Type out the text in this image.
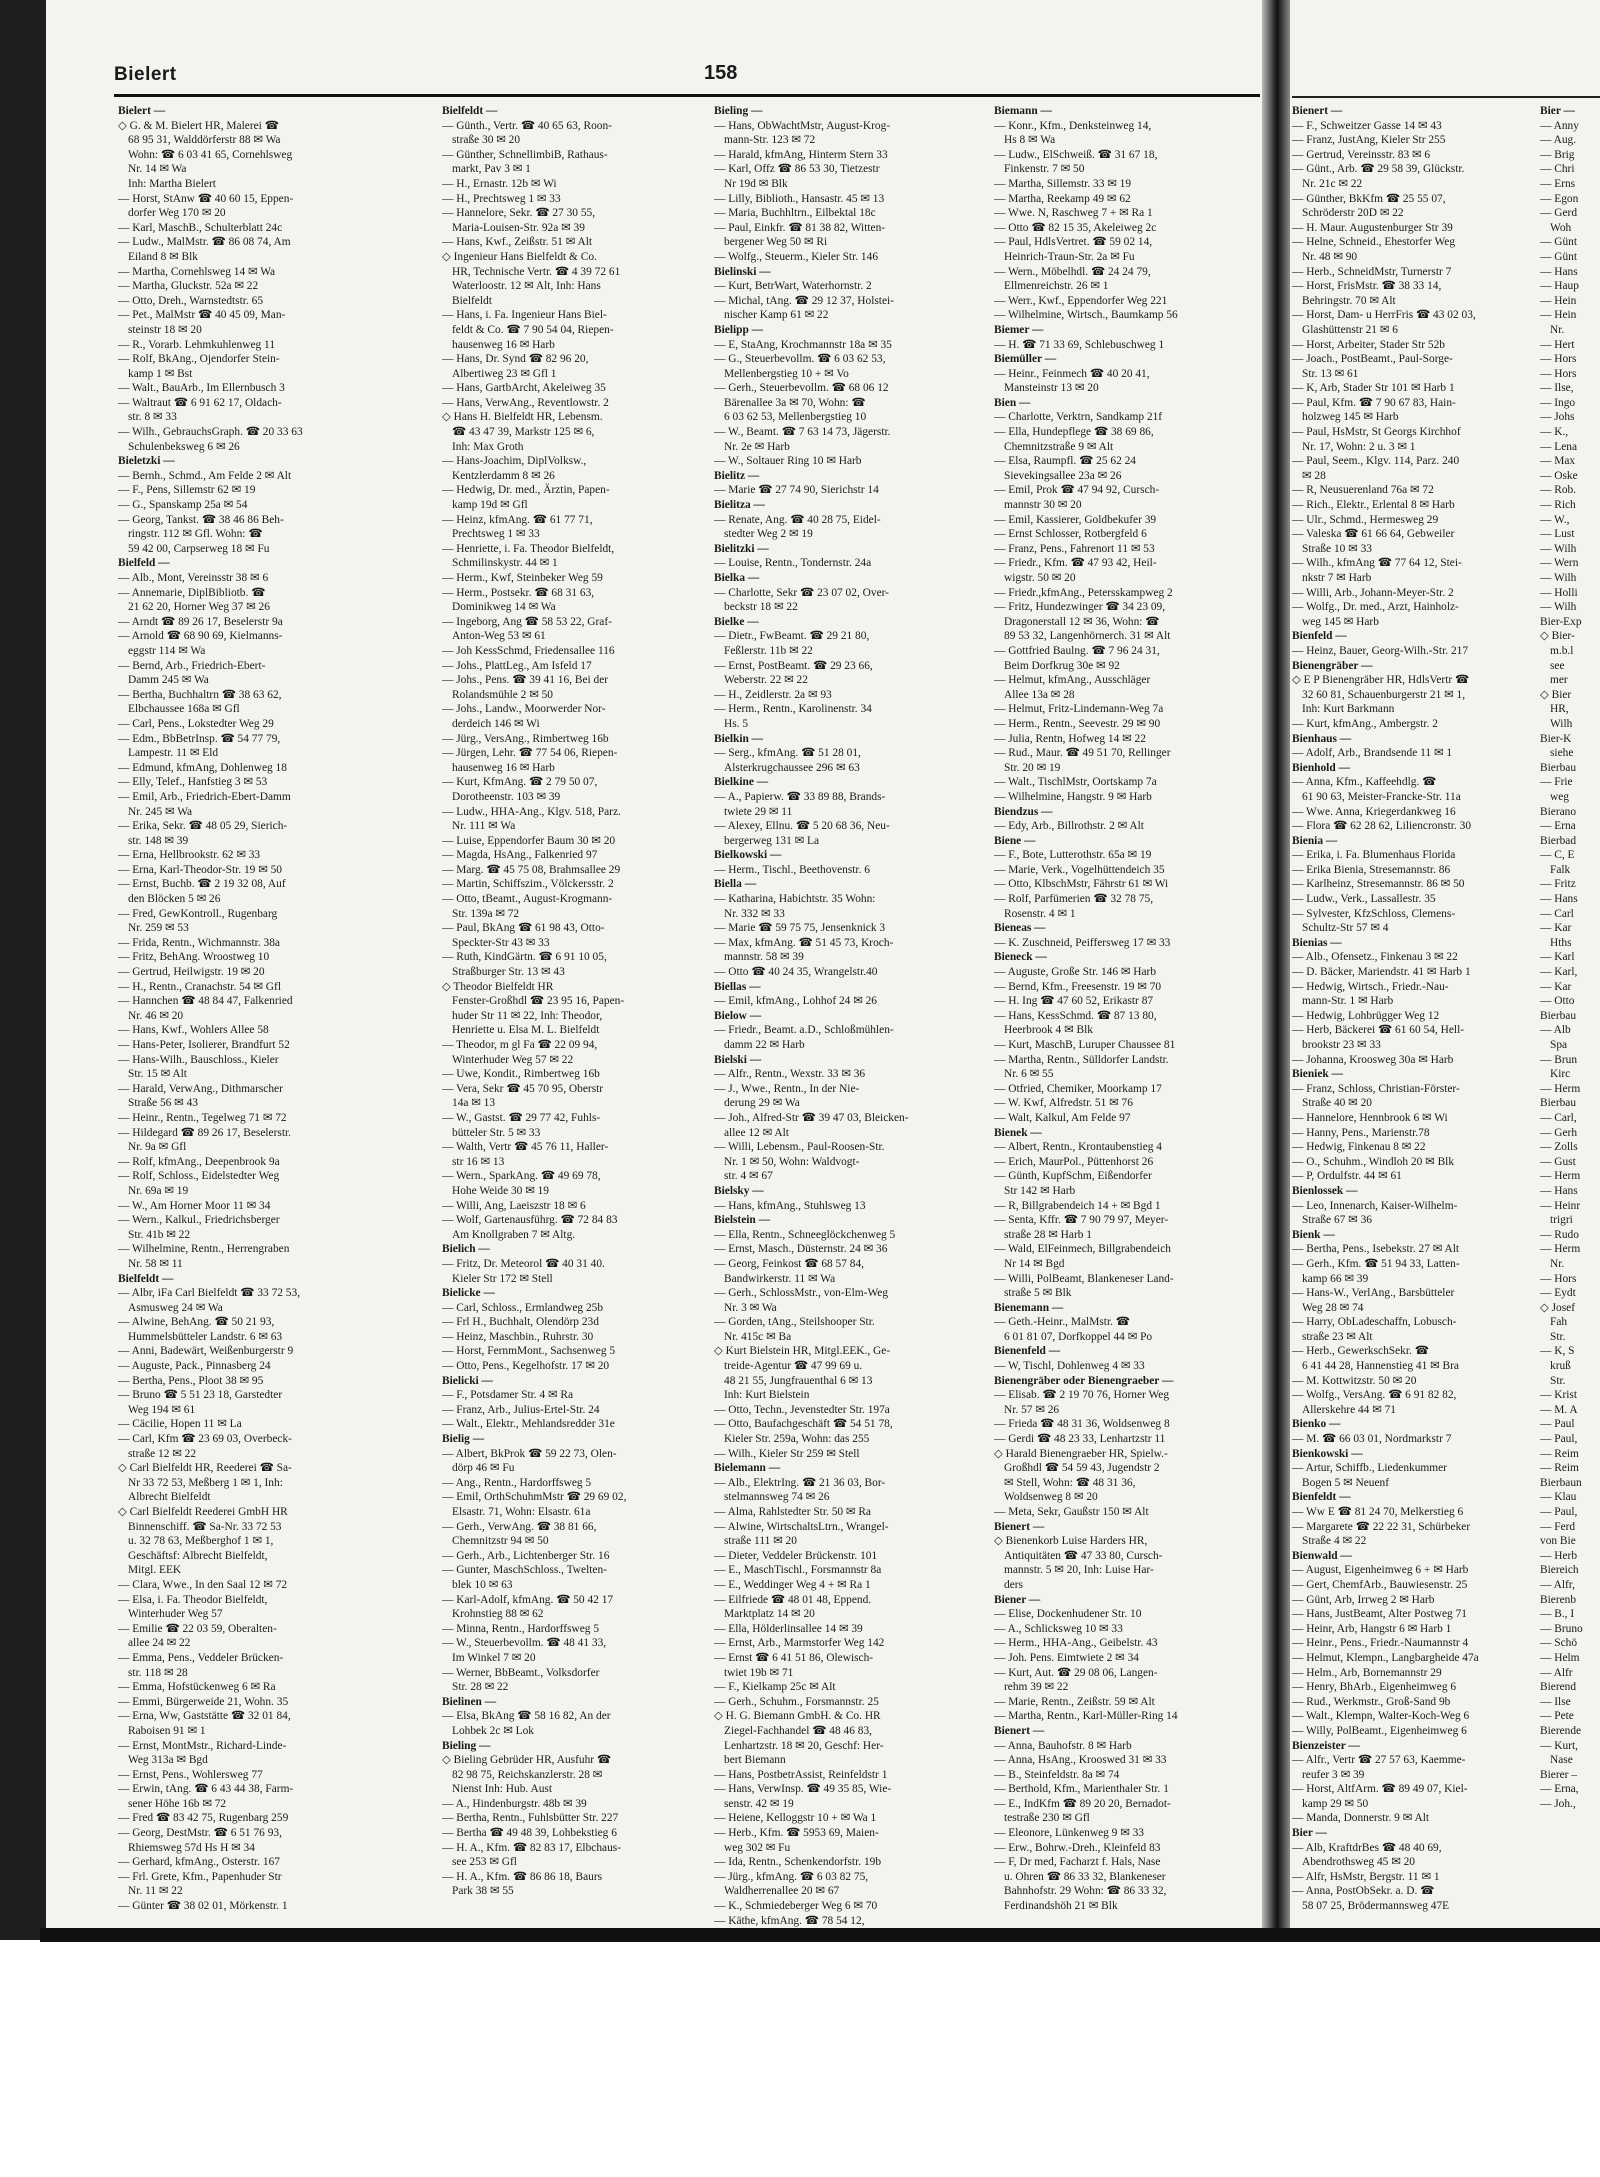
Bielert	158
Bielert —
◇ G. & M. Bielert HR, Malerei ☎
68 95 31, Walddörferstr 88 ✉ Wa
Wohn: ☎ 6 03 41 65, Cornehlsweg
Nr. 14 ✉ Wa
Inh: Martha Bielert
— Horst, StAnw ☎ 40 60 15, Eppen-
dorfer Weg 170 ✉ 20
— Karl, MaschB., Schulterblatt 24c
— Ludw., MalMstr. ☎ 86 08 74, Am
Eiland 8 ✉ Blk
— Martha, Cornehlsweg 14 ✉ Wa
— Martha, Gluckstr. 52a ✉ 22
— Otto, Dreh., Warnstedtstr. 65
— Pet., MalMstr ☎ 40 45 09, Man-
steinstr 18 ✉ 20
— R., Vorarb. Lehmkuhlenweg 11
— Rolf, BkAng., Ojendorfer Stein-
kamp 1 ✉ Bst
— Walt., BauArb., Im Ellernbusch 3
— Waltraut ☎ 6 91 62 17, Oldach-
str. 8 ✉ 33
— Wilh., GebrauchsGraph. ☎ 20 33 63
Schulenbeksweg 6 ✉ 26
Bieletzki —
— Bernh., Schmd., Am Felde 2 ✉ Alt
— F., Pens, Sillemstr 62 ✉ 19
— G., Spanskamp 25a ✉ 54
— Georg, Tankst. ☎ 38 46 86 Beh-
ringstr. 112 ✉ Gfl. Wohn: ☎
59 42 00, Carpserweg 18 ✉ Fu
Bielfeld —
— Alb., Mont, Vereinsstr 38 ✉ 6
— Annemarie, DiplBibliotb. ☎
21 62 20, Horner Weg 37 ✉ 26
— Arndt ☎ 89 26 17, Beselerstr 9a
— Arnold ☎ 68 90 69, Kielmanns-
eggstr 114 ✉ Wa
— Bernd, Arb., Friedrich-Ebert-
Damm 245 ✉ Wa
— Bertha, Buchhaltrn ☎ 38 63 62,
Elbchaussee 168a ✉ Gfl
— Carl, Pens., Lokstedter Weg 29
— Edm., BbBetrInsp. ☎ 54 77 79,
Lampestr. 11 ✉ Eld
— Edmund, kfmAng, Dohlenweg 18
— Elly, Telef., Hanfstieg 3 ✉ 53
— Emil, Arb., Friedrich-Ebert-Damm
Nr. 245 ✉ Wa
— Erika, Sekr. ☎ 48 05 29, Sierich-
str. 148 ✉ 39
— Erna, Hellbrookstr. 62 ✉ 33
— Erna, Karl-Theodor-Str. 19 ✉ 50
— Ernst, Buchb. ☎ 2 19 32 08, Auf
den Blöcken 5 ✉ 26
— Fred, GewKontroll., Rugenbarg
Nr. 259 ✉ 53
— Frida, Rentn., Wichmannstr. 38a
— Fritz, BehAng. Wroostweg 10
— Gertrud, Heilwigstr. 19 ✉ 20
— H., Rentn., Cranachstr. 54 ✉ Gfl
— Hannchen ☎ 48 84 47, Falkenried
Nr. 46 ✉ 20
— Hans, Kwf., Wohlers Allee 58
— Hans-Peter, Isolierer, Brandfurt 52
— Hans-Wilh., Bauschloss., Kieler
Str. 15 ✉ Alt
— Harald, VerwAng., Dithmarscher
Straße 56 ✉ 43
— Heinr., Rentn., Tegelweg 71 ✉ 72
— Hildegard ☎ 89 26 17, Beselerstr.
Nr. 9a ✉ Gfl
— Rolf, kfmAng., Deepenbrook 9a
— Rolf, Schloss., Eidelstedter Weg
Nr. 69a ✉ 19
— W., Am Horner Moor 11 ✉ 34
— Wern., Kalkul., Friedrichsberger
Str. 41b ✉ 22
— Wilhelmine, Rentn., Herrengraben
Nr. 58 ✉ 11
Bielfeldt —
— Albr, iFa Carl Bielfeldt ☎ 33 72 53,
Asmusweg 24 ✉ Wa
— Alwine, BehAng. ☎ 50 21 93,
Hummelsbütteler Landstr. 6 ✉ 63
— Anni, Badewärt, Weißenburgerstr 9
— Auguste, Pack., Pinnasberg 24
— Bertha, Pens., Ploot 38 ✉ 95
— Bruno ☎ 5 51 23 18, Garstedter
Weg 194 ✉ 61
— Cäcilie, Hopen 11 ✉ La
— Carl, Kfm ☎ 23 69 03, Overbeck-
straße 12 ✉ 22
◇ Carl Bielfeldt HR, Reederei ☎ Sa-
Nr 33 72 53, Meßberg 1 ✉ 1, Inh:
Albrecht Bielfeldt
◇ Carl Bielfeldt Reederei GmbH HR
Binnenschiff. ☎ Sa-Nr. 33 72 53
u. 32 78 63, Meßberghof 1 ✉ 1,
Geschäftsf: Albrecht Bielfeldt,
Mitgl. EEK
— Clara, Wwe., In den Saal 12 ✉ 72
— Elsa, i. Fa. Theodor Bielfeldt,
Winterhuder Weg 57
— Emilie ☎ 22 03 59, Oberalten-
allee 24 ✉ 22
— Emma, Pens., Veddeler Brücken-
str. 118 ✉ 28
— Emma, Hofstückenweg 6 ✉ Ra
— Emmi, Bürgerweide 21, Wohn. 35
— Erna, Ww, Gaststätte ☎ 32 01 84,
Raboisen 91 ✉ 1
— Ernst, MontMstr., Richard-Linde-
Weg 313a ✉ Bgd
— Ernst, Pens., Wohlersweg 77
— Erwin, tAng. ☎ 6 43 44 38, Farm-
sener Höhe 16b ✉ 72
— Fred ☎ 83 42 75, Rugenbarg 259
— Georg, DestMstr. ☎ 6 51 76 93,
Rhiemsweg 57d Hs H ✉ 34
— Gerhard, kfmAng., Osterstr. 167
— Frl. Grete, Kfm., Papenhuder Str
Nr. 11 ✉ 22
— Günter ☎ 38 02 01, Mörkenstr. 1
Bielfeldt —
— Günth., Vertr. ☎ 40 65 63, Roon-
straße 30 ✉ 20
— Günther, SchnellimbiB, Rathaus-
markt, Pav 3 ✉ 1
— H., Ernastr. 12b ✉ Wi
— H., Prechtsweg 1 ✉ 33
— Hannelore, Sekr. ☎ 27 30 55,
Maria-Louisen-Str. 92a ✉ 39
— Hans, Kwf., Zeißstr. 51 ✉ Alt
◇ Ingenieur Hans Bielfeldt & Co.
HR, Technische Vertr. ☎ 4 39 72 61
Waterloostr. 12 ✉ Alt, Inh: Hans
Bielfeldt
— Hans, i. Fa. Ingenieur Hans Biel-
feldt & Co. ☎ 7 90 54 04, Riepen-
hausenweg 16 ✉ Harb
— Hans, Dr. Synd ☎ 82 96 20,
Albertiweg 23 ✉ Gfl 1
— Hans, GartbArcht, Akeleiweg 35
— Hans, VerwAng., Reventlowstr. 2
◇ Hans H. Bielfeldt HR, Lebensm.
☎ 43 47 39, Markstr 125 ✉ 6,
Inh: Max Groth
— Hans-Joachim, DiplVolksw.,
Kentzlerdamm 8 ✉ 26
— Hedwig, Dr. med., Ärztin, Papen-
kamp 19d ✉ Gfl
— Heinz, kfmAng. ☎ 61 77 71,
Prechtsweg 1 ✉ 33
— Henriette, i. Fa. Theodor Bielfeldt,
Schmilinskystr. 44 ✉ 1
— Herm., Kwf, Steinbeker Weg 59
— Herm., Postsekr. ☎ 68 31 63,
Dominikweg 14 ✉ Wa
— Ingeborg, Ang ☎ 58 53 22, Graf-
Anton-Weg 53 ✉ 61
— Joh KessSchmd, Friedensallee 116
— Johs., PlattLeg., Am Isfeld 17
— Johs., Pens. ☎ 39 41 16, Bei der
Rolandsmühle 2 ✉ 50
— Johs., Landw., Moorwerder Nor-
derdeich 146 ✉ Wi
— Jürg., VersAng., Rimbertweg 16b
— Jürgen, Lehr. ☎ 77 54 06, Riepen-
hausenweg 16 ✉ Harb
— Kurt, KfmAng. ☎ 2 79 50 07,
Dorotheenstr. 103 ✉ 39
— Ludw., HHA-Ang., Klgv. 518, Parz.
Nr. 111 ✉ Wa
— Luise, Eppendorfer Baum 30 ✉ 20
— Magda, HsAng., Falkenried 97
— Marg. ☎ 45 75 08, Brahmsallee 29
— Martin, Schiffszim., Völckersstr. 2
— Otto, tBeamt., August-Krogmann-
Str. 139a ✉ 72
— Paul, BkAng ☎ 61 98 43, Otto-
Speckter-Str 43 ✉ 33
— Ruth, KindGärtn. ☎ 6 91 10 05,
Straßburger Str. 13 ✉ 43
◇ Theodor Bielfeldt HR
Fenster-Großhdl ☎ 23 95 16, Papen-
huder Str 11 ✉ 22, Inh: Theodor,
Henriette u. Elsa M. L. Bielfeldt
— Theodor, m gl Fa ☎ 22 09 94,
Winterhuder Weg 57 ✉ 22
— Uwe, Kondit., Rimbertweg 16b
— Vera, Sekr ☎ 45 70 95, Oberstr
14a ✉ 13
— W., Gastst. ☎ 29 77 42, Fuhls-
bütteler Str. 5 ✉ 33
— Walth, Vertr ☎ 45 76 11, Haller-
str 16 ✉ 13
— Wern., SparkAng. ☎ 49 69 78,
Hohe Weide 30 ✉ 19
— Willi, Ang, Laeiszstr 18 ✉ 6
— Wolf, Gartenausführg. ☎ 72 84 83
Am Knollgraben 7 ✉ Altg.
Bielich —
— Fritz, Dr. Meteorol ☎ 40 31 40.
Kieler Str 172 ✉ Stell
Bielicke —
— Carl, Schloss., Ermlandweg 25b
— Frl H., Buchhalt, Olendörp 23d
— Heinz, Maschbin., Ruhrstr. 30
— Horst, FernmMont., Sachsenweg 5
— Otto, Pens., Kegelhofstr. 17 ✉ 20
Bielicki —
— F., Potsdamer Str. 4 ✉ Ra
— Franz, Arb., Julius-Ertel-Str. 24
— Walt., Elektr., Mehlandsredder 31e
Bielig —
— Albert, BkProk ☎ 59 22 73, Olen-
dörp 46 ✉ Fu
— Ang., Rentn., Hardorffsweg 5
— Emil, OrthSchuhmMstr ☎ 29 69 02,
Elsastr. 71, Wohn: Elsastr. 61a
— Gerh., VerwAng. ☎ 38 81 66,
Chemnitzstr 94 ✉ 50
— Gerh., Arb., Lichtenberger Str. 16
— Gunter, MaschSchloss., Twelten-
blek 10 ✉ 63
— Karl-Adolf, kfmAng. ☎ 50 42 17
Krohnstieg 88 ✉ 62
— Minna, Rentn., Hardorffsweg 5
— W., Steuerbevollm. ☎ 48 41 33,
Im Winkel 7 ✉ 20
— Werner, BbBeamt., Volksdorfer
Str. 28 ✉ 22
Bielinen —
— Elsa, BkAng ☎ 58 16 82, An der
Lohbek 2c ✉ Lok
Bieling —
◇ Bieling Gebrüder HR, Ausfuhr ☎
82 98 75, Reichskanzlerstr. 28 ✉
Nienst Inh: Hub. Aust
— A., Hindenburgstr. 48b ✉ 39
— Bertha, Rentn., Fuhlsbütter Str. 227
— Bertha ☎ 49 48 39, Lohbekstieg 6
— H. A., Kfm. ☎ 82 83 17, Elbchaus-
see 253 ✉ Gfl
— H. A., Kfm. ☎ 86 86 18, Baurs
Park 38 ✉ 55
Bieling —
— Hans, ObWachtMstr, August-Krog-
mann-Str. 123 ✉ 72
— Harald, kfmAng, Hinterm Stern 33
— Karl, Offz ☎ 86 53 30, Tietzestr
Nr 19d ✉ Blk
— Lilly, Biblioth., Hansastr. 45 ✉ 13
— Maria, Buchhltrn., Eilbektal 18c
— Paul, Einkfr. ☎ 81 38 82, Witten-
bergener Weg 50 ✉ Ri
— Wolfg., Steuerm., Kieler Str. 146
Bielinski —
— Kurt, BetrWart, Waterhornstr. 2
— Michal, tAng. ☎ 29 12 37, Holstei-
nischer Kamp 61 ✉ 22
Bielipp —
— E, StaAng, Krochmannstr 18a ✉ 35
— G., Steuerbevollm. ☎ 6 03 62 53,
Mellenbergstieg 10 + ✉ Vo
— Gerh., Steuerbevollm. ☎ 68 06 12
Bärenallee 3a ✉ 70, Wohn: ☎
6 03 62 53, Mellenbergstieg 10
— W., Beamt. ☎ 7 63 14 73, Jägerstr.
Nr. 2e ✉ Harb
— W., Soltauer Ring 10 ✉ Harb
Bielitz —
— Marie ☎ 27 74 90, Sierichstr 14
Bielitza —
— Renate, Ang. ☎ 40 28 75, Eidel-
stedter Weg 2 ✉ 19
Bielitzki —
— Louise, Rentn., Tondernstr. 24a
Bielka —
— Charlotte, Sekr ☎ 23 07 02, Over-
beckstr 18 ✉ 22
Bielke —
— Dietr., FwBeamt. ☎ 29 21 80,
Feßlerstr. 11b ✉ 22
— Ernst, PostBeamt. ☎ 29 23 66,
Weberstr. 22 ✉ 22
— H., Zeidlerstr. 2a ✉ 93
— Herm., Rentn., Karolinenstr. 34
Hs. 5
Bielkin —
— Serg., kfmAng. ☎ 51 28 01,
Alsterkrugchaussee 296 ✉ 63
Bielkine —
— A., Papierw. ☎ 33 89 88, Brands-
twiete 29 ✉ 11
— Alexey, Ellnu. ☎ 5 20 68 36, Neu-
bergerweg 131 ✉ La
Bielkowski —
— Herm., Tischl., Beethovenstr. 6
Biella —
— Katharina, Habichtstr. 35 Wohn:
Nr. 332 ✉ 33
— Marie ☎ 59 75 75, Jensenknick 3
— Max, kfmAng. ☎ 51 45 73, Kroch-
mannstr. 58 ✉ 39
— Otto ☎ 40 24 35, Wrangelstr.40
Biellas —
— Emil, kfmAng., Lohhof 24 ✉ 26
Bielow —
— Friedr., Beamt. a.D., Schloßmühlen-
damm 22 ✉ Harb
Bielski —
— Alfr., Rentn., Wexstr. 33 ✉ 36
— J., Wwe., Rentn., In der Nie-
derung 29 ✉ Wa
— Joh., Alfred-Str ☎ 39 47 03, Bleicken-
allee 12 ✉ Alt
— Willi, Lebensm., Paul-Roosen-Str.
Nr. 1 ✉ 50, Wohn: Waldvogt-
str. 4 ✉ 67
Bielsky —
— Hans, kfmAng., Stuhlsweg 13
Bielstein —
— Ella, Rentn., Schneeglöckchenweg 5
— Ernst, Masch., Düsternstr. 24 ✉ 36
— Georg, Feinkost ☎ 68 57 84,
Bandwirkerstr. 11 ✉ Wa
— Gerh., SchlossMstr., von-Elm-Weg
Nr. 3 ✉ Wa
— Gorden, tAng., Steilshooper Str.
Nr. 415c ✉ Ba
◇ Kurt Bielstein HR, Mitgl.EEK., Ge-
treide-Agentur ☎ 47 99 69 u.
48 21 55, Jungfrauenthal 6 ✉ 13
Inh: Kurt Bielstein
— Otto, Techn., Jevenstedter Str. 197a
— Otto, Baufachgeschäft ☎ 54 51 78,
Kieler Str. 259a, Wohn: das 255
— Wilh., Kieler Str 259 ✉ Stell
Bielemann —
— Alb., ElektrIng. ☎ 21 36 03, Bor-
stelmannsweg 74 ✉ 26
— Alma, Rahlstedter Str. 50 ✉ Ra
— Alwine, WirtschaltsLtrn., Wrangel-
straße 111 ✉ 20
— Dieter, Veddeler Brückenstr. 101
— E., MaschTischl., Forsmannstr 8a
— E., Weddinger Weg 4 + ✉ Ra 1
— Eilfriede ☎ 48 01 48, Eppend.
Marktplatz 14 ✉ 20
— Ella, Hölderlinsallee 14 ✉ 39
— Ernst, Arb., Marmstorfer Weg 142
— Ernst ☎ 6 41 51 86, Olewisch-
twiet 19b ✉ 71
— F., Kielkamp 25c ✉ Alt
— Gerh., Schuhm., Forsmannstr. 25
◇ H. G. Biemann GmbH. & Co. HR
Ziegel-Fachhandel ☎ 48 46 83,
Lenhartzstr. 18 ✉ 20, Geschf: Her-
bert Biemann
— Hans, PostbetrAssist, Reinfeldstr 1
— Hans, VerwInsp. ☎ 49 35 85, Wie-
senstr. 42 ✉ 19
— Heiene, Kelloggstr 10 + ✉ Wa 1
— Herb., Kfm. ☎ 5953 69, Maien-
weg 302 ✉ Fu
— Ida, Rentn., Schenkendorfstr. 19b
— Jürg., kfmAng. ☎ 6 03 82 75,
Waldherrenallee 20 ✉ 67
— K., Schmiedeberger Weg 6 ✉ 70
— Käthe, kfmAng. ☎ 78 54 12,
Biemann —
— Konr., Kfm., Denksteinweg 14,
Hs 8 ✉ Wa
— Ludw., ElSchweiß. ☎ 31 67 18,
Finkenstr. 7 ✉ 50
— Martha, Sillemstr. 33 ✉ 19
— Martha, Reekamp 49 ✉ 62
— Wwe. N, Raschweg 7 + ✉ Ra 1
— Otto ☎ 82 15 35, Akeleiweg 2c
— Paul, HdlsVertret. ☎ 59 02 14,
Heinrich-Traun-Str. 2a ✉ Fu
— Wern., Möbelhdl. ☎ 24 24 79,
Ellmenreichstr. 26 ✉ 1
— Werr., Kwf., Eppendorfer Weg 221
— Wilhelmine, Wirtsch., Baumkamp 56
Biemer —
— H. ☎ 71 33 69, Schlebuschweg 1
Biemüller —
— Heinr., Feinmech ☎ 40 20 41,
Mansteinstr 13 ✉ 20
Bien —
— Charlotte, Verktrn, Sandkamp 21f
— Ella, Hundepflege ☎ 38 69 86,
Chemnitzstraße 9 ✉ Alt
— Elsa, Raumpfl. ☎ 25 62 24
Sievekingsallee 23a ✉ 26
— Emil, Prok ☎ 47 94 92, Cursch-
mannstr 30 ✉ 20
— Emil, Kassierer, Goldbekufer 39
— Ernst Schlosser, Rotbergfeld 6
— Franz, Pens., Fahrenort 11 ✉ 53
— Friedr., Kfm. ☎ 47 93 42, Heil-
wigstr. 50 ✉ 20
— Friedr.,kfmAng., Petersskampweg 2
— Fritz, Hundezwinger ☎ 34 23 09,
Dragonerstall 12 ✉ 36, Wohn: ☎
89 53 32, Langenhörnerch. 31 ✉ Alt
— Gottfried Baulng. ☎ 7 96 24 31,
Beim Dorfkrug 30e ✉ 92
— Helmut, kfmAng., Ausschläger
Allee 13a ✉ 28
— Helmut, Fritz-Lindemann-Weg 7a
— Herm., Rentn., Seevestr. 29 ✉ 90
— Julia, Rentn, Hofweg 14 ✉ 22
— Rud., Maur. ☎ 49 51 70, Rellinger
Str. 20 ✉ 19
— Walt., TischlMstr, Oortskamp 7a
— Wilhelmine, Hangstr. 9 ✉ Harb
Biendzus —
— Edy, Arb., Billrothstr. 2 ✉ Alt
Biene —
— F., Bote, Lutterothstr. 65a ✉ 19
— Marie, Verk., Vogelhüttendeich 35
— Otto, KlbschMstr, Fährstr 61 ✉ Wi
— Rolf, Parfümerien ☎ 32 78 75,
Rosenstr. 4 ✉ 1
Bieneas —
— K. Zuschneid, Peiffersweg 17 ✉ 33
Bieneck —
— Auguste, Große Str. 146 ✉ Harb
— Bernd, Kfm., Freesenstr. 19 ✉ 70
— H. Ing ☎ 47 60 52, Erikastr 87
— Hans, KessSchmd. ☎ 87 13 80,
Heerbrook 4 ✉ Blk
— Kurt, MaschB, Luruper Chaussee 81
— Martha, Rentn., Sülldorfer Landstr.
Nr. 6 ✉ 55
— Otfried, Chemiker, Moorkamp 17
— W. Kwf, Alfredstr. 51 ✉ 76
— Walt, Kalkul, Am Felde 97
Bienek —
— Albert, Rentn., Krontaubenstieg 4
— Erich, MaurPol., Püttenhorst 26
— Günth, KupfSchm, Eißendorfer
Str 142 ✉ Harb
— R, Billgrabendeich 14 + ✉ Bgd 1
— Senta, Kffr. ☎ 7 90 79 97, Meyer-
straße 28 ✉ Harb 1
— Wald, ElFeinmech, Billgrabendeich
Nr 14 ✉ Bgd
— Willi, PolBeamt, Blankeneser Land-
straße 5 ✉ Blk
Bienemann —
— Geth.-Heinr., MalMstr. ☎
6 01 81 07, Dorfkoppel 44 ✉ Po
Bienenfeld —
— W, Tischl, Dohlenweg 4 ✉ 33
Bienengräber oder Bienengraeber —
— Elisab. ☎ 2 19 70 76, Horner Weg
Nr. 57 ✉ 26
— Frieda ☎ 48 31 36, Woldsenweg 8
— Gerdi ☎ 48 23 33, Lenhartzstr 11
◇ Harald Bienengraeber HR, Spielw.-
Großhdl ☎ 54 59 43, Jugendstr 2
✉ Stell, Wohn: ☎ 48 31 36,
Woldsenweg 8 ✉ 20
— Meta, Sekr, Gaußstr 150 ✉ Alt
Bienert —
◇ Bienenkorb Luise Harders HR,
Antiquitäten ☎ 47 33 80, Cursch-
mannstr. 5 ✉ 20, Inh: Luise Har-
ders
Biener —
— Elise, Dockenhudener Str. 10
— A., Schlicksweg 10 ✉ 33
— Herm., HHA-Ang., Geibelstr. 43
— Joh. Pens. Eimtwiete 2 ✉ 34
— Kurt, Aut. ☎ 29 08 06, Langen-
rehm 39 ✉ 22
— Marie, Rentn., Zeißstr. 59 ✉ Alt
— Martha, Rentn., Karl-Müller-Ring 14
Bienert —
— Anna, Bauhofstr. 8 ✉ Harb
— Anna, HsAng., Krooswed 31 ✉ 33
— B., Steinfeldstr. 8a ✉ 74
— Berthold, Kfm., Marienthaler Str. 1
— E., IndKfm ☎ 89 20 20, Bernadot-
testraße 230 ✉ Gfl
— Eleonore, Lünkenweg 9 ✉ 33
— Erw., Bohrw.-Dreh., Kleinfeld 83
— F, Dr med, Facharzt f. Hals, Nase
u. Ohren ☎ 86 33 32, Blankeneser
Bahnhofstr. 29 Wohn: ☎ 86 33 32,
Ferdinandshöh 21 ✉ Blk
Bienert —
— F., Schweitzer Gasse 14 ✉ 43
— Franz, JustAng, Kieler Str 255
— Gertrud, Vereinsstr. 83 ✉ 6
— Günt., Arb. ☎ 29 58 39, Glückstr.
Nr. 21c ✉ 22
— Günther, BkKfm ☎ 25 55 07,
Schröderstr 20D ✉ 22
— H. Maur. Augustenburger Str 39
— Helne, Schneid., Ehestorfer Weg
Nr. 48 ✉ 90
— Herb., SchneidMstr, Turnerstr 7
— Horst, FrisMstr. ☎ 38 33 14,
Behringstr. 70 ✉ Alt
— Horst, Dam- u HerrFris ☎ 43 02 03,
Glashüttenstr 21 ✉ 6
— Horst, Arbeiter, Stader Str 52b
— Joach., PostBeamt., Paul-Sorge-
Str. 13 ✉ 61
— K, Arb, Stader Str 101 ✉ Harb 1
— Paul, Kfm. ☎ 7 90 67 83, Hain-
holzweg 145 ✉ Harb
— Paul, HsMstr, St Georgs Kirchhof
Nr. 17, Wohn: 2 u. 3 ✉ 1
— Paul, Seem., Klgv. 114, Parz. 240
✉ 28
— R, Neusuerenland 76a ✉ 72
— Rich., Elektr., Erlental 8 ✉ Harb
— Ulr., Schmd., Hermesweg 29
— Valeska ☎ 61 66 64, Gebweiler
Straße 10 ✉ 33
— Wilh., kfmAng ☎ 77 64 12, Stei-
nkstr 7 ✉ Harb
— Willi, Arb., Johann-Meyer-Str. 2
— Wolfg., Dr. med., Arzt, Hainholz-
weg 145 ✉ Harb
Bienfeld —
— Heinz, Bauer, Georg-Wilh.-Str. 217
Bienengräber —
◇ E P Bienengräber HR, HdlsVertr ☎
32 60 81, Schauenburgerstr 21 ✉ 1,
Inh: Kurt Barkmann
— Kurt, kfmAng., Ambergstr. 2
Bienhaus —
— Adolf, Arb., Brandsende 11 ✉ 1
Bienhold —
— Anna, Kfm., Kaffeehdlg. ☎
61 90 63, Meister-Francke-Str. 11a
— Wwe. Anna, Kriegerdankweg 16
— Flora ☎ 62 28 62, Liliencronstr. 30
Bienia —
— Erika, i. Fa. Blumenhaus Florida
— Erika Bienia, Stresemannstr. 86
— Karlheinz, Stresemannstr. 86 ✉ 50
— Ludw., Verk., Lassallestr. 35
— Sylvester, KfzSchloss, Clemens-
Schultz-Str 57 ✉ 4
Bienias —
— Alb., Ofensetz., Finkenau 3 ✉ 22
— D. Bäcker, Mariendstr. 41 ✉ Harb 1
— Hedwig, Wirtsch., Friedr.-Nau-
mann-Str. 1 ✉ Harb
— Hedwig, Lohbrügger Weg 12
— Herb, Bäckerei ☎ 61 60 54, Hell-
brookstr 23 ✉ 33
— Johanna, Kroosweg 30a ✉ Harb
Bieniek —
— Franz, Schloss, Christian-Förster-
Straße 40 ✉ 20
— Hannelore, Hennbrook 6 ✉ Wi
— Hanny, Pens., Marienstr.78
— Hedwig, Finkenau 8 ✉ 22
— O., Schuhm., Windloh 20 ✉ Blk
— P, Ordulfstr. 44 ✉ 61
Bienlossek —
— Leo, Innenarch, Kaiser-Wilhelm-
Straße 67 ✉ 36
Bienk —
— Bertha, Pens., Isebekstr. 27 ✉ Alt
— Gerh., Kfm. ☎ 51 94 33, Latten-
kamp 66 ✉ 39
— Hans-W., VerlAng., Barsbütteler
Weg 28 ✉ 74
— Harry, ObLadeschaffn, Lobusch-
straße 23 ✉ Alt
— Herb., GewerkschSekr. ☎
6 41 44 28, Hannenstieg 41 ✉ Bra
— M. Kottwitzstr. 50 ✉ 20
— Wolfg., VersAng. ☎ 6 91 82 82,
Allerskehre 44 ✉ 71
Bienko —
— M. ☎ 66 03 01, Nordmarkstr 7
Bienkowski —
— Artur, Schiffb., Liedenkummer
Bogen 5 ✉ Neuenf
Bienfeldt —
— Ww E ☎ 81 24 70, Melkerstieg 6
— Margarete ☎ 22 22 31, Schürbeker
Straße 4 ✉ 22
Bienwald —
— August, Eigenheimweg 6 + ✉ Harb
— Gert, ChemfArb., Bauwiesenstr. 25
— Günt, Arb, Irrweg 2 ✉ Harb
— Hans, JustBeamt, Alter Postweg 71
— Heinr, Arb, Hangstr 6 ✉ Harb 1
— Heinr., Pens., Friedr.-Naumannstr 4
— Helmut, Klempn., Langbargheide 47a
— Helm., Arb, Bornemannstr 29
— Henry, BhArb., Eigenheimweg 6
— Rud., Werkmstr., Groß-Sand 9b
— Walt., Klempn, Walter-Koch-Weg 6
— Willy, PolBeamt., Eigenheimweg 6
Bienzeister —
— Alfr., Vertr ☎ 27 57 63, Kaemme-
reufer 3 ✉ 39
— Horst, AltfArm. ☎ 89 49 07, Kiel-
kamp 29 ✉ 50
— Manda, Donnerstr. 9 ✉ Alt
Bier —
— Alb, KraftdrBes ☎ 48 40 69,
Abendrothsweg 45 ✉ 20
— Alfr, HsMstr, Bergstr. 11 ✉ 1
— Anna, PostObSekr. a. D. ☎
58 07 25, Brödermannsweg 47E
Bier —
— Anny
— Aug.
— Brig
— Chri
— Erns
— Egon
— Gerd
Woh
— Günt
— Günt
— Hans
— Haup
— Hein
— Hein
Nr.
— Hert
— Hors
— Hors
— Ilse,
— Ingo
— Johs
— K.,
— Lena
— Max
— Oske
— Rob.
— Rich
— W.,
— Lust
— Wilh
— Wern
— Wilh
— Holli
— Wilh
Bier-Exp
◇ Bier-
m.b.l
see
mer
◇ Bier
HR,
Wilh
Bier-K
siehe
Bierbau
— Frie
weg
Bierano
— Erna
Bierbad
— C, E
Falk
— Fritz
— Hans
— Carl
— Kar
Hths
— Karl
— Karl,
— Kar
— Otto
Bierbau
— Alb
Spa
— Brun
Kirc
— Herm
Bierbau
— Carl,
— Gerh
— Zolls
— Gust
— Herm
— Hans
— Heinr
trigri
— Rudo
— Herm
Nr.
— Hors
— Eydt
◇ Josef
Fah
Str.
— K, S
kruß
Str.
— Krist
— M. A
— Paul
— Paul,
— Reim
— Reim
Bierbaun
— Klau
— Paul,
— Ferd
von Bie
— Herb
Biereich
— Alfr,
Bierenb
— B., I
— Bruno
— Schö
— Helm
— Alfr
Bierend
— Ilse
— Pete
Bierende
— Kurt,
Nase
Bierer –
— Erna,
— Joh.,
